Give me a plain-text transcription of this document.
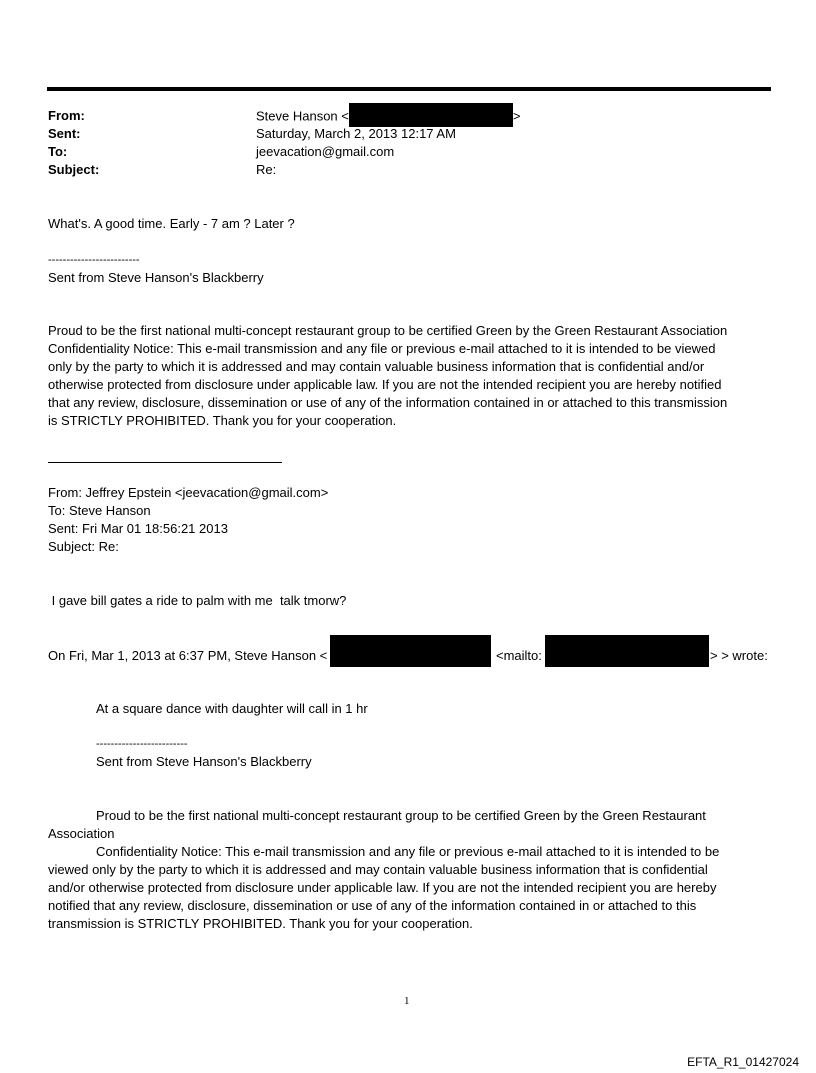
From:	Steve Hanson <	>
Sent:	Saturday, March 2, 2013 12:17 AM
To:	jeevacation@gmail.com
Subject:	Re:
What's. A good time. Early - 7 am ? Later ?
-------------------------
Sent from Steve Hanson's Blackberry
Proud to be the first national multi-concept restaurant group to be certified Green by the Green Restaurant Association
Confidentiality Notice: This e-mail transmission and any file or previous e-mail attached to it is intended to be viewed
only by the party to which it is addressed and may contain valuable business information that is confidential and/or
otherwise protected from disclosure under applicable law. If you are not the intended recipient you are hereby notified
that any review, disclosure, dissemination or use of any of the information contained in or attached to this transmission
is STRICTLY PROHIBITED. Thank you for your cooperation.
From: Jeffrey Epstein <jeevacation@gmail.com>
To: Steve Hanson
Sent: Fri Mar 01 18:56:21 2013
Subject: Re:
I gave bill gates a ride to palm with me  talk tmorw?
On Fri, Mar 1, 2013 at 6:37 PM, Steve Hanson <	<mailto:	> > wrote:
At a square dance with daughter will call in 1 hr
-------------------------
Sent from Steve Hanson's Blackberry
Proud to be the first national multi-concept restaurant group to be certified Green by the Green Restaurant
Association
Confidentiality Notice: This e-mail transmission and any file or previous e-mail attached to it is intended to be
viewed only by the party to which it is addressed and may contain valuable business information that is confidential
and/or otherwise protected from disclosure under applicable law. If you are not the intended recipient you are hereby
notified that any review, disclosure, dissemination or use of any of the information contained in or attached to this
transmission is STRICTLY PROHIBITED. Thank you for your cooperation.
1
EFTA_R1_01427024
